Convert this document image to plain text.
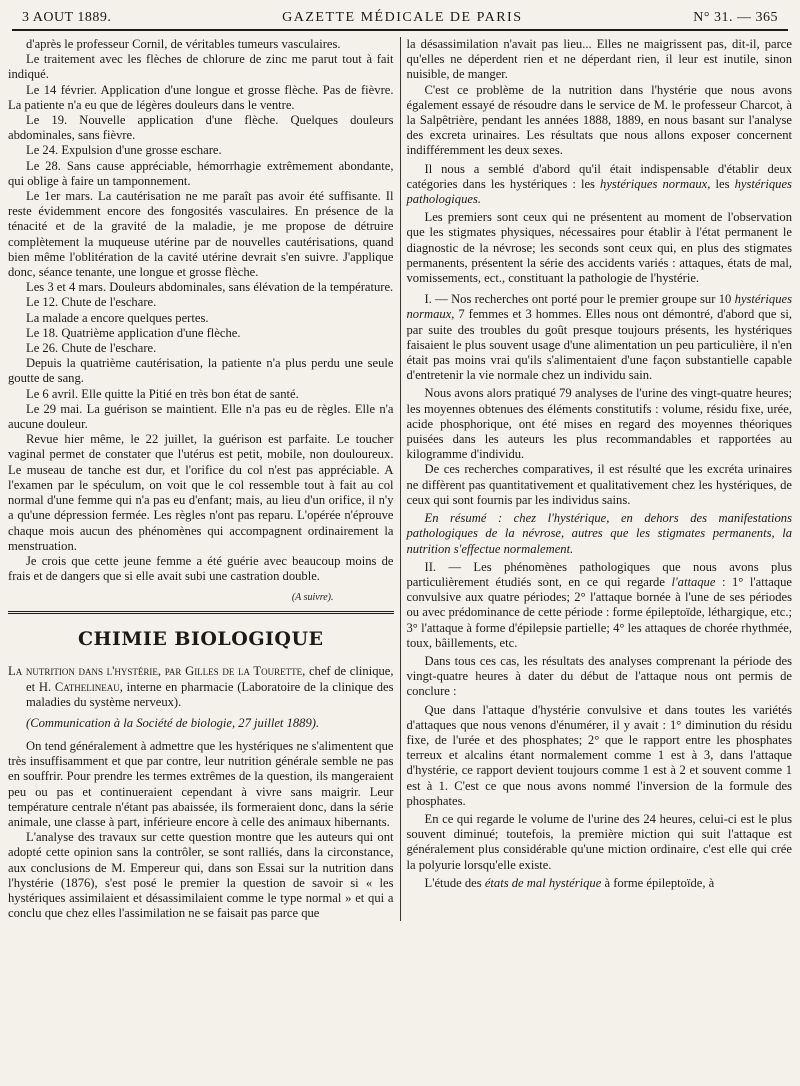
3 AOUT 1889.	GAZETTE MÉDICALE DE PARIS	N° 31. — 365

d'après le professeur Cornil, de véritables tumeurs vasculaires.

Le traitement avec les flèches de chlorure de zinc me parut tout à fait indiqué.

Le 14 février. Application d'une longue et grosse flèche. Pas de fièvre. La patiente n'a eu que de légères douleurs dans le ventre.

Le 19. Nouvelle application d'une flèche. Quelques douleurs abdominales, sans fièvre.

Le 24. Expulsion d'une grosse eschare.

Le 28. Sans cause appréciable, hémorrhagie extrêmement abondante, qui oblige à faire un tamponnement.

Le 1er mars. La cautérisation ne me paraît pas avoir été suffisante. Il reste évidemment encore des fongosités vasculaires. En présence de la ténacité et de la gravité de la maladie, je me propose de détruire complètement la muqueuse utérine par de nouvelles cautérisations, quand bien même l'oblitération de la cavité utérine devrait s'en suivre. J'applique donc, séance tenante, une longue et grosse flèche.

Les 3 et 4 mars. Douleurs abdominales, sans élévation de la température.

Le 12. Chute de l'eschare.

La malade a encore quelques pertes.

Le 18. Quatrième application d'une flèche.

Le 26. Chute de l'eschare.

Depuis la quatrième cautérisation, la patiente n'a plus perdu une seule goutte de sang.

Le 6 avril. Elle quitte la Pitié en très bon état de santé.

Le 29 mai. La guérison se maintient. Elle n'a pas eu de règles. Elle n'a aucune douleur.

Revue hier même, le 22 juillet, la guérison est parfaite. Le toucher vaginal permet de constater que l'utérus est petit, mobile, non douloureux. Le museau de tanche est dur, et l'orifice du col n'est pas appréciable. A l'examen par le spéculum, on voit que le col ressemble tout à fait au col normal d'une femme qui n'a pas eu d'enfant; mais, au lieu d'un orifice, il n'y a qu'une dépression fermée. Les règles n'ont pas reparu. L'opérée n'éprouve chaque mois aucun des phénomènes qui accompagnent ordinairement la menstruation.

Je crois que cette jeune femme a été guérie avec beaucoup moins de frais et de dangers que si elle avait subi une castration double.

(A suivre).
CHIMIE BIOLOGIQUE

La nutrition dans l'hystérie, par Gilles de la Tourette, chef de clinique, et H. Cathelineau, interne en pharmacie (Laboratoire de la clinique des maladies du système nerveux).

(Communication à la Société de biologie, 27 juillet 1889).

On tend généralement à admettre que les hystériques ne s'alimentent que très insuffisamment et que par contre, leur nutrition générale semble ne pas en souffrir. Pour prendre les termes extrêmes de la question, ils mangeraient peu ou pas et continueraient cependant à vivre sans maigrir. Leur température centrale n'étant pas abaissée, ils formeraient donc, dans la série animale, une classe à part, inférieure encore à celle des animaux hibernants.

L'analyse des travaux sur cette question montre que les auteurs qui ont adopté cette opinion sans la contrôler, se sont ralliés, dans la circonstance, aux conclusions de M. Empereur qui, dans son Essai sur la nutrition dans l'hystérie (1876), s'est posé le premier la question de savoir si « les hystériques assimilaient et désassimilaient comme le type normal » et qui a conclu que chez elles l'assimilation ne se faisait pas parce que

la désassimilation n'avait pas lieu... Elles ne maigrissent pas, dit-il, parce qu'elles ne déperdent rien et ne déperdant rien, il leur est inutile, sinon nuisible, de manger.

C'est ce problème de la nutrition dans l'hystérie que nous avons également essayé de résoudre dans le service de M. le professeur Charcot, à la Salpêtrière, pendant les années 1888, 1889, en nous basant sur l'analyse des excreta urinaires. Les résultats que nous allons exposer concernent indifféremment les deux sexes.

Il nous a semblé d'abord qu'il était indispensable d'établir deux catégories dans les hystériques : les hystériques normaux, les hystériques pathologiques.

Les premiers sont ceux qui ne présentent au moment de l'observation que les stigmates physiques, nécessaires pour établir à l'état permanent le diagnostic de la névrose; les seconds sont ceux qui, en plus des stigmates permanents, présentent la série des accidents variés : attaques, états de mal, vomissements, ect., constituant la pathologie de l'hystérie.

I. — Nos recherches ont porté pour le premier groupe sur 10 hystériques normaux, 7 femmes et 3 hommes. Elles nous ont démontré, d'abord que si, par suite des troubles du goût presque toujours présents, les hystériques faisaient le plus souvent usage d'une alimentation un peu particulière, il n'en était pas moins vrai qu'ils s'alimentaient d'une façon substantielle capable d'entretenir la vie normale chez un individu sain.

Nous avons alors pratiqué 79 analyses de l'urine des vingt-quatre heures; les moyennes obtenues des éléments constitutifs : volume, résidu fixe, urée, acide phosphorique, ont été mises en regard des moyennes théoriques puisées dans les auteurs les plus recommandables et rapportées au kilogramme d'individu.

De ces recherches comparatives, il est résulté que les excréta urinaires ne diffèrent pas quantitativement et qualitativement chez les hystériques, de ceux qui sont fournis par les individus sains.

En résumé : chez l'hystérique, en dehors des manifestations pathologiques de la névrose, autres que les stigmates permanents, la nutrition s'effectue normalement.

II. — Les phénomènes pathologiques que nous avons plus particulièrement étudiés sont, en ce qui regarde l'attaque : 1° l'attaque convulsive aux quatre périodes; 2° l'attaque bornée à l'une de ses périodes ou avec prédominance de cette période : forme épileptoïde, léthargique, etc.; 3° l'attaque à forme d'épilepsie partielle; 4° les attaques de chorée rhythmée, toux, bâillements, etc.

Dans tous ces cas, les résultats des analyses comprenant la période des vingt-quatre heures à dater du début de l'attaque nous ont permis de conclure :

Que dans l'attaque d'hystérie convulsive et dans toutes les variétés d'attaques que nous venons d'énumérer, il y avait : 1° diminution du résidu fixe, de l'urée et des phosphates; 2° que le rapport entre les phosphates terreux et alcalins étant normalement comme 1 est à 3, dans l'attaque d'hystérie, ce rapport devient toujours comme 1 est à 2 et souvent comme 1 est à 1. C'est ce que nous avons nommé l'inversion de la formule des phosphates.

En ce qui regarde le volume de l'urine des 24 heures, celui-ci est le plus souvent diminué; toutefois, la première miction qui suit l'attaque est généralement plus considérable qu'une miction ordinaire, c'est elle qui crée la polyurie lorsqu'elle existe.

L'étude des états de mal hystérique à forme épileptoïde, à
